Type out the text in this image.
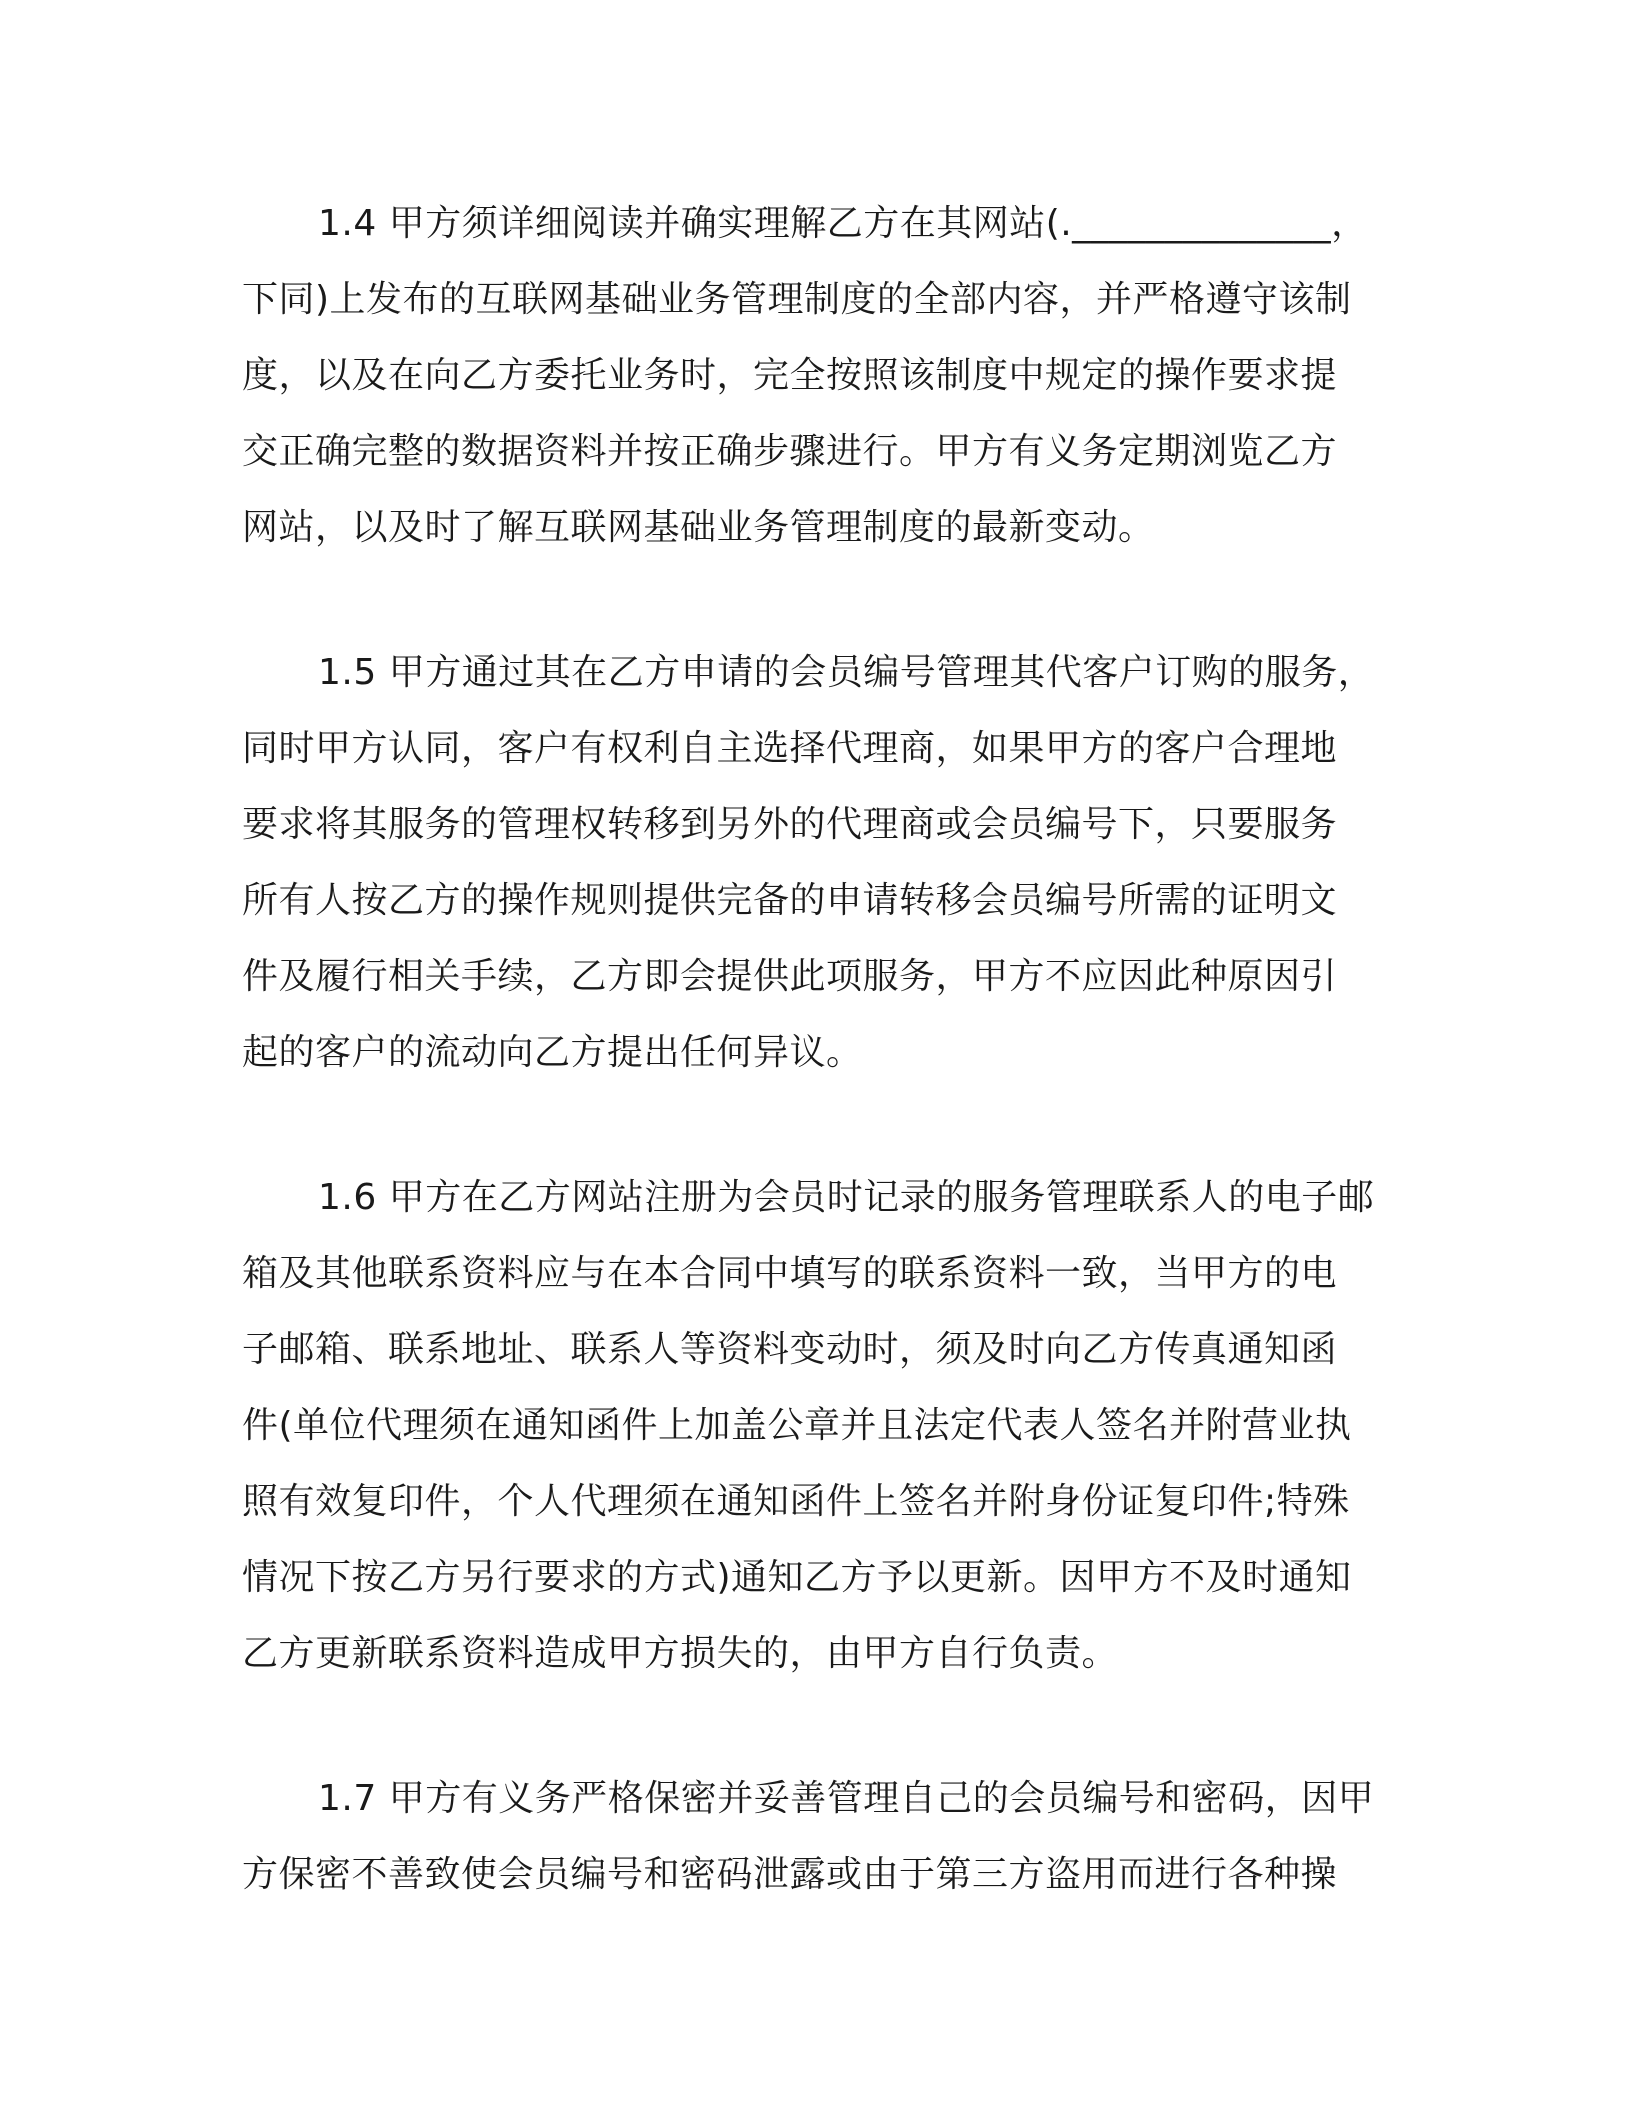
1.4 甲方须详细阅读并确实理解乙方在其网站(.______________，
下同)上发布的互联网基础业务管理制度的全部内容，并严格遵守该制
度，以及在向乙方委托业务时，完全按照该制度中规定的操作要求提
交正确完整的数据资料并按正确步骤进行。甲方有义务定期浏览乙方
网站，以及时了解互联网基础业务管理制度的最新变动。

1.5 甲方通过其在乙方申请的会员编号管理其代客户订购的服务，
同时甲方认同，客户有权利自主选择代理商，如果甲方的客户合理地
要求将其服务的管理权转移到另外的代理商或会员编号下，只要服务
所有人按乙方的操作规则提供完备的申请转移会员编号所需的证明文
件及履行相关手续，乙方即会提供此项服务，甲方不应因此种原因引
起的客户的流动向乙方提出任何异议。

1.6 甲方在乙方网站注册为会员时记录的服务管理联系人的电子邮
箱及其他联系资料应与在本合同中填写的联系资料一致，当甲方的电
子邮箱、联系地址、联系人等资料变动时，须及时向乙方传真通知函
件(单位代理须在通知函件上加盖公章并且法定代表人签名并附营业执
照有效复印件，个人代理须在通知函件上签名并附身份证复印件;特殊
情况下按乙方另行要求的方式)通知乙方予以更新。因甲方不及时通知
乙方更新联系资料造成甲方损失的，由甲方自行负责。

1.7 甲方有义务严格保密并妥善管理自己的会员编号和密码，因甲
方保密不善致使会员编号和密码泄露或由于第三方盗用而进行各种操
